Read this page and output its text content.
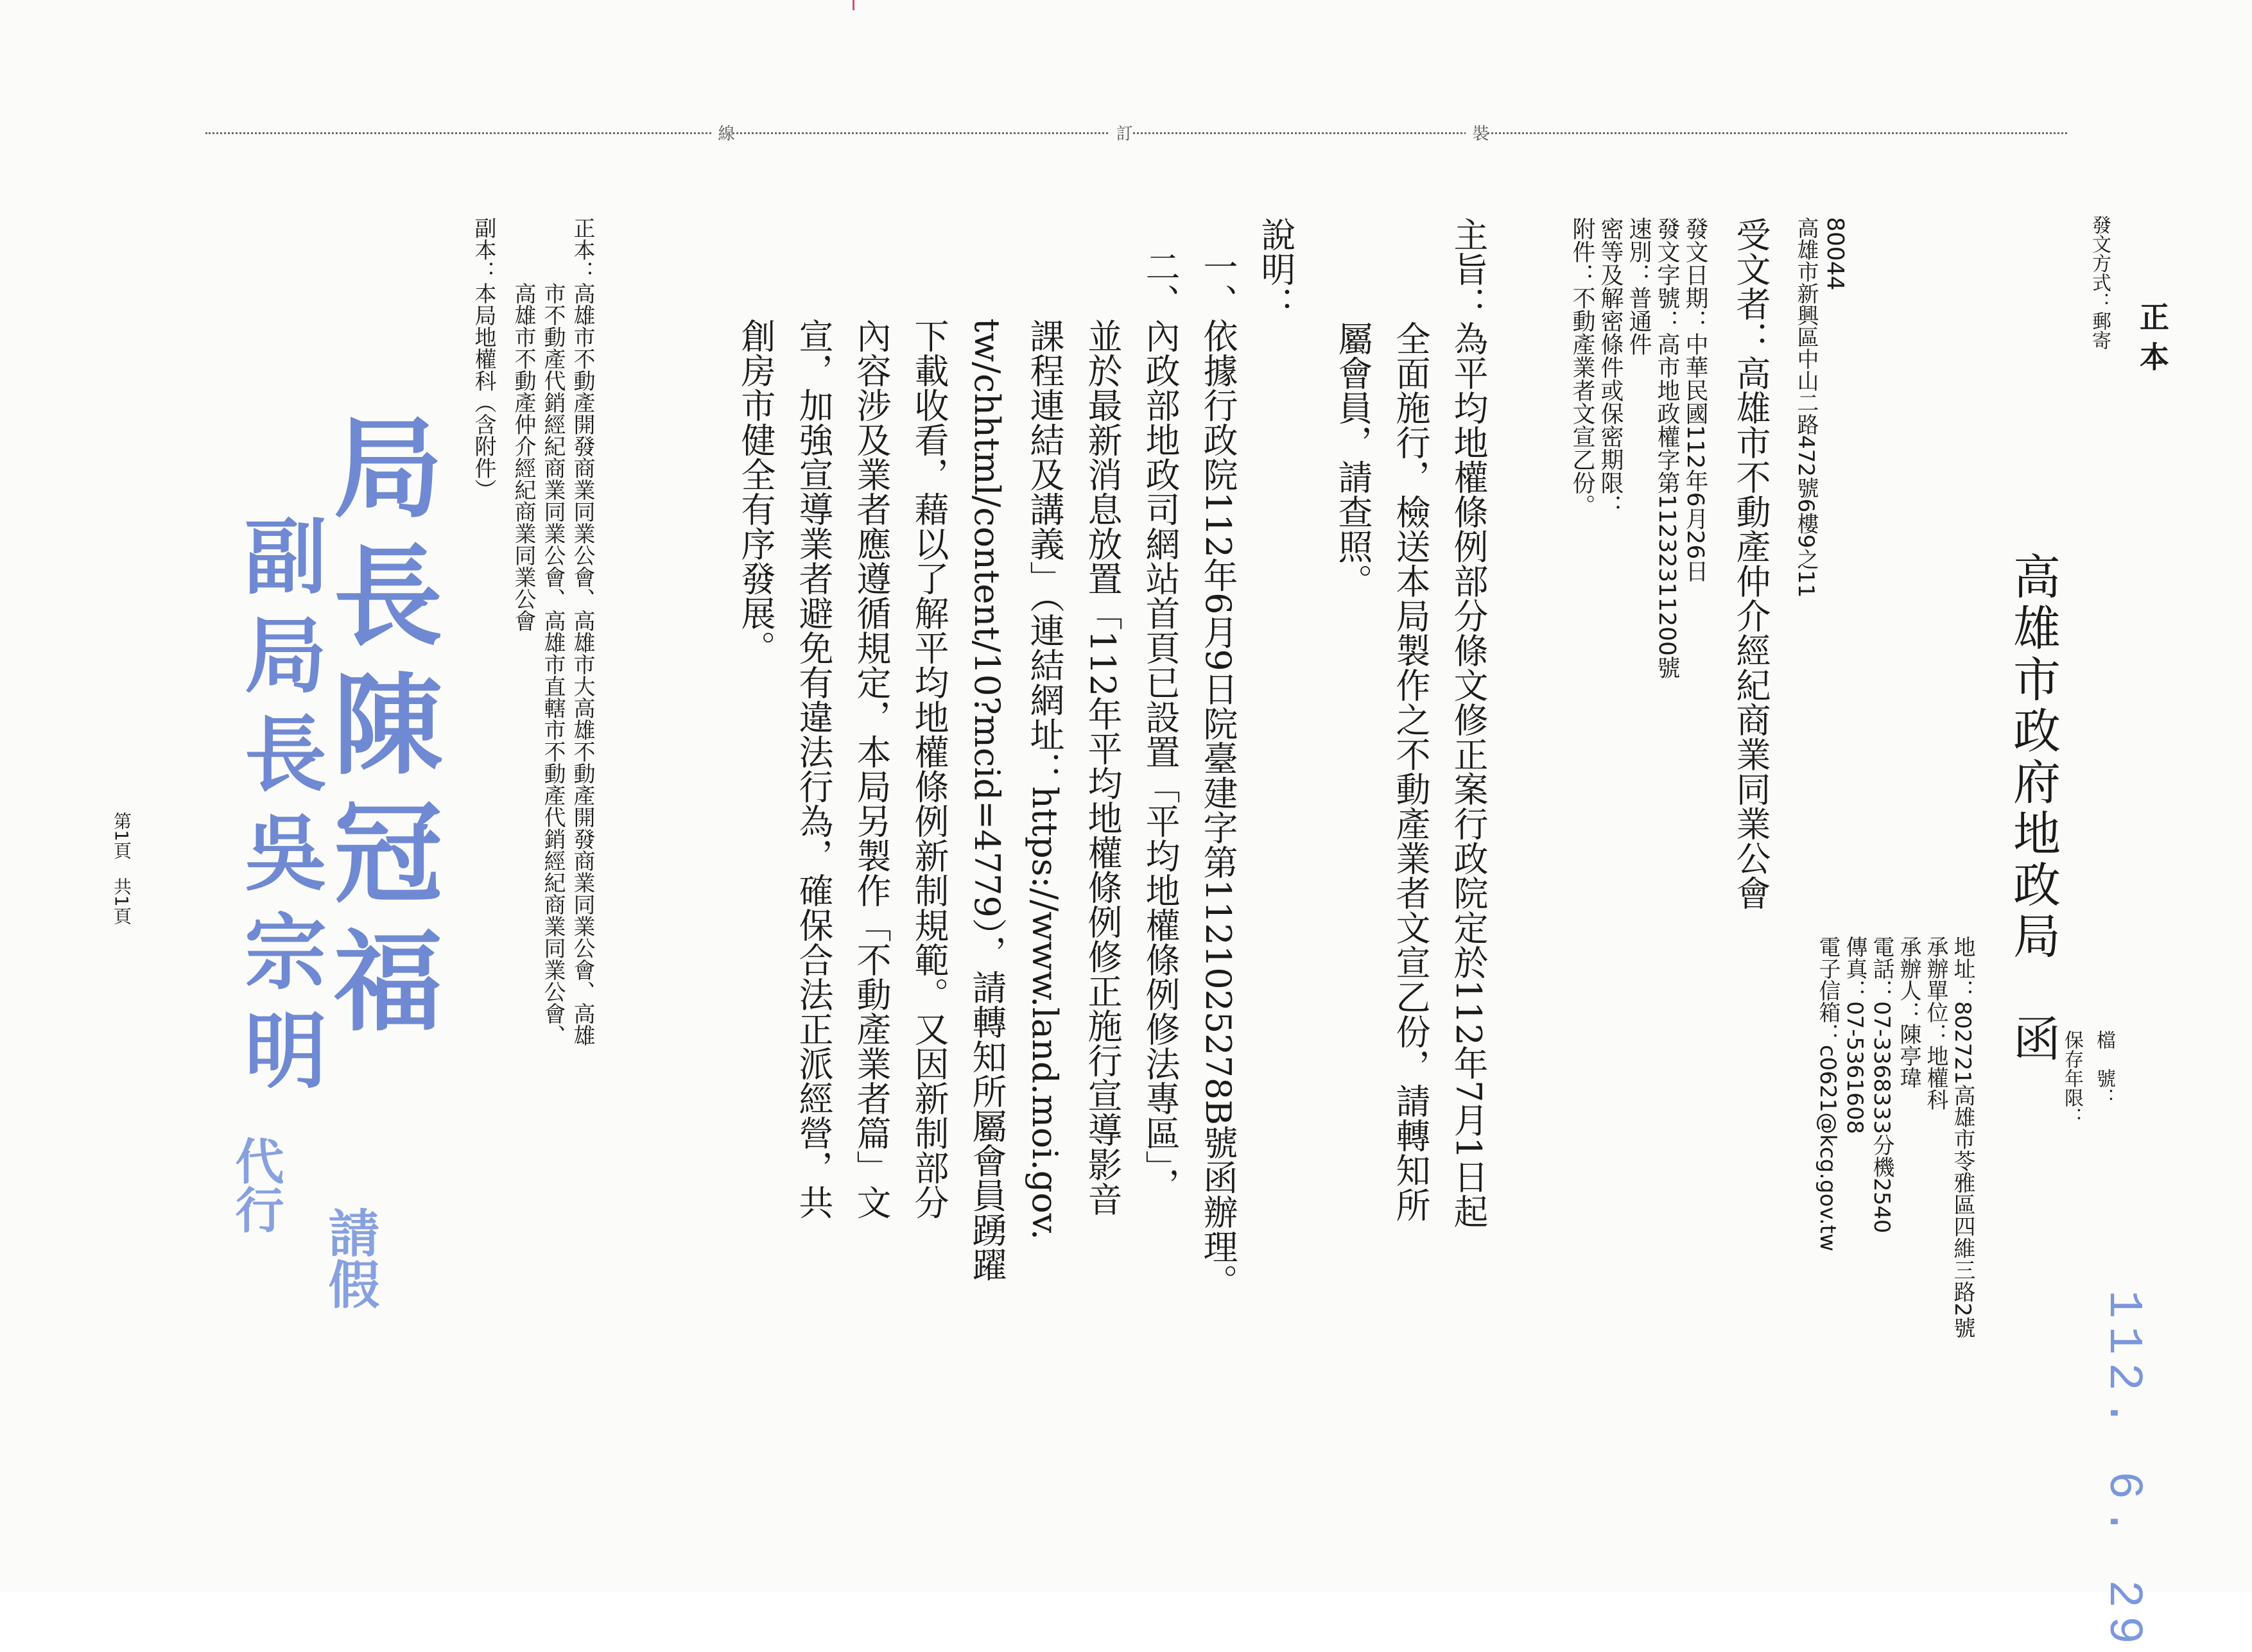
正 本
發文方式：郵寄
檔　號：
保存年限：
高雄市政府地政局　函
地址：802721高雄市苓雅區四維三路2號
承辦單位：地權科
承辦人：陳亭瑋
電話：07-3368333分機2540
傳真：07-5361608
電子信箱：c0621@kcg.gov.tw
112. 6. 29
80044
高雄市新興區中山二路472號6樓9之11
受文者：高雄市不動產仲介經紀商業同業公會
發文日期：中華民國112年6月26日
發文字號：高市地政權字第11232311200號
速別：普通件
密等及解密條件或保密期限：
附件：不動產業者文宣乙份。
裝
訂
線
主旨：為平均地權條例部分條文修正案行政院定於112年7月1日起
　　　全面施行，檢送本局製作之不動產業者文宣乙份，請轉知所
　　　屬會員，請查照。
說明：
一、依據行政院112年6月9日院臺建字第1121025278B號函辦理。
二、內政部地政司網站首頁已設置「平均地權條例修法專區」，
　　並於最新消息放置「112年平均地權條例修正施行宣導影音
　　課程連結及講義」（連結網址：https://www.land.moi.gov.
　　tw/chhtml/content/10?mcid=4779），請轉知所屬會員踴躍
　　下載收看，藉以了解平均地權條例新制規範。又因新制部分
　　內容涉及業者應遵循規定，本局另製作「不動產業者篇」文
　　宣，加強宣導業者避免有違法行為，確保合法正派經營，共
　　創房市健全有序發展。
正本：高雄市不動產開發商業同業公會、高雄市大高雄不動產開發商業同業公會、高雄
　　　市不動產代銷經紀商業同業公會、高雄市直轄市不動產代銷經紀商業同業公會、
　　　高雄市不動產仲介經紀商業同業公會
副本：本局地權科（含附件）
局長陳冠福
請假
副局長吳宗明
代行
第1頁　共1頁
